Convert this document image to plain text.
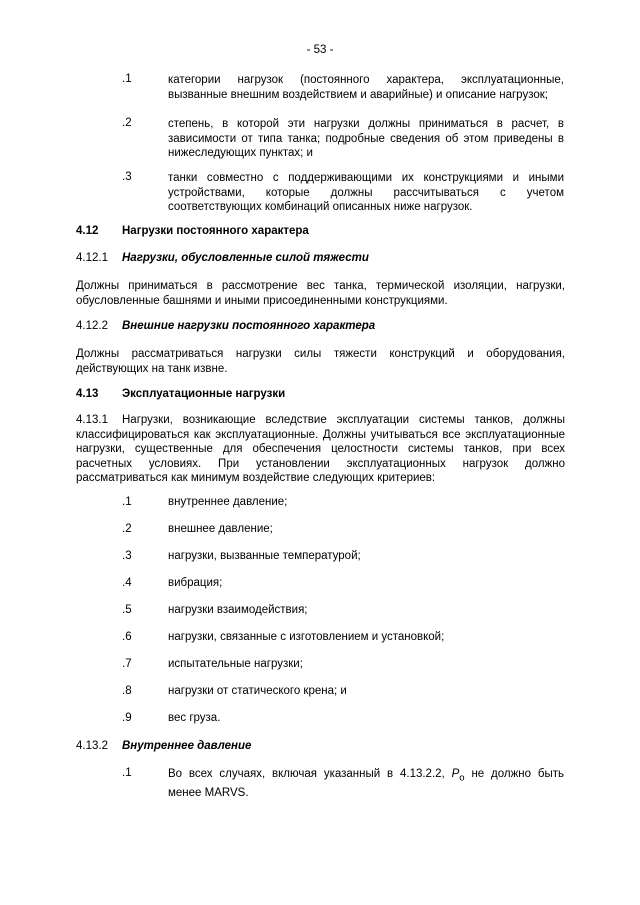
- 53 -
.1	категории нагрузок (постоянного характера, эксплуатационные, вызванные внешним воздействием и аварийные) и описание нагрузок;
.2	степень, в которой эти нагрузки должны приниматься в расчет, в зависимости от типа танка; подробные сведения об этом приведены в нижеследующих пунктах; и
.3	танки совместно с поддерживающими их конструкциями и иными устройствами, которые должны рассчитываться с учетом соответствующих комбинаций описанных ниже нагрузок.
4.12 Нагрузки постоянного характера
4.12.1 Нагрузки, обусловленные силой тяжести
Должны приниматься в рассмотрение вес танка, термической изоляции, нагрузки, обусловленные башнями и иными присоединенными конструкциями.
4.12.2 Внешние нагрузки постоянного характера
Должны рассматриваться нагрузки силы тяжести конструкций и оборудования, действующих на танк извне.
4.13 Эксплуатационные нагрузки
4.13.1 Нагрузки, возникающие вследствие эксплуатации системы танков, должны классифицироваться как эксплуатационные. Должны учитываться все эксплуатационные нагрузки, существенные для обеспечения целостности системы танков, при всех расчетных условиях. При установлении эксплуатационных нагрузок должно рассматриваться как минимум воздействие следующих критериев:
.1	внутреннее давление;
.2	внешнее давление;
.3	нагрузки, вызванные температурой;
.4	вибрация;
.5	нагрузки взаимодействия;
.6	нагрузки, связанные с изготовлением и установкой;
.7	испытательные нагрузки;
.8	нагрузки от статического крена; и
.9	вес груза.
4.13.2 Внутреннее давление
.1	Во всех случаях, включая указанный в 4.13.2.2, $P_o$ не должно быть менее MARVS.
